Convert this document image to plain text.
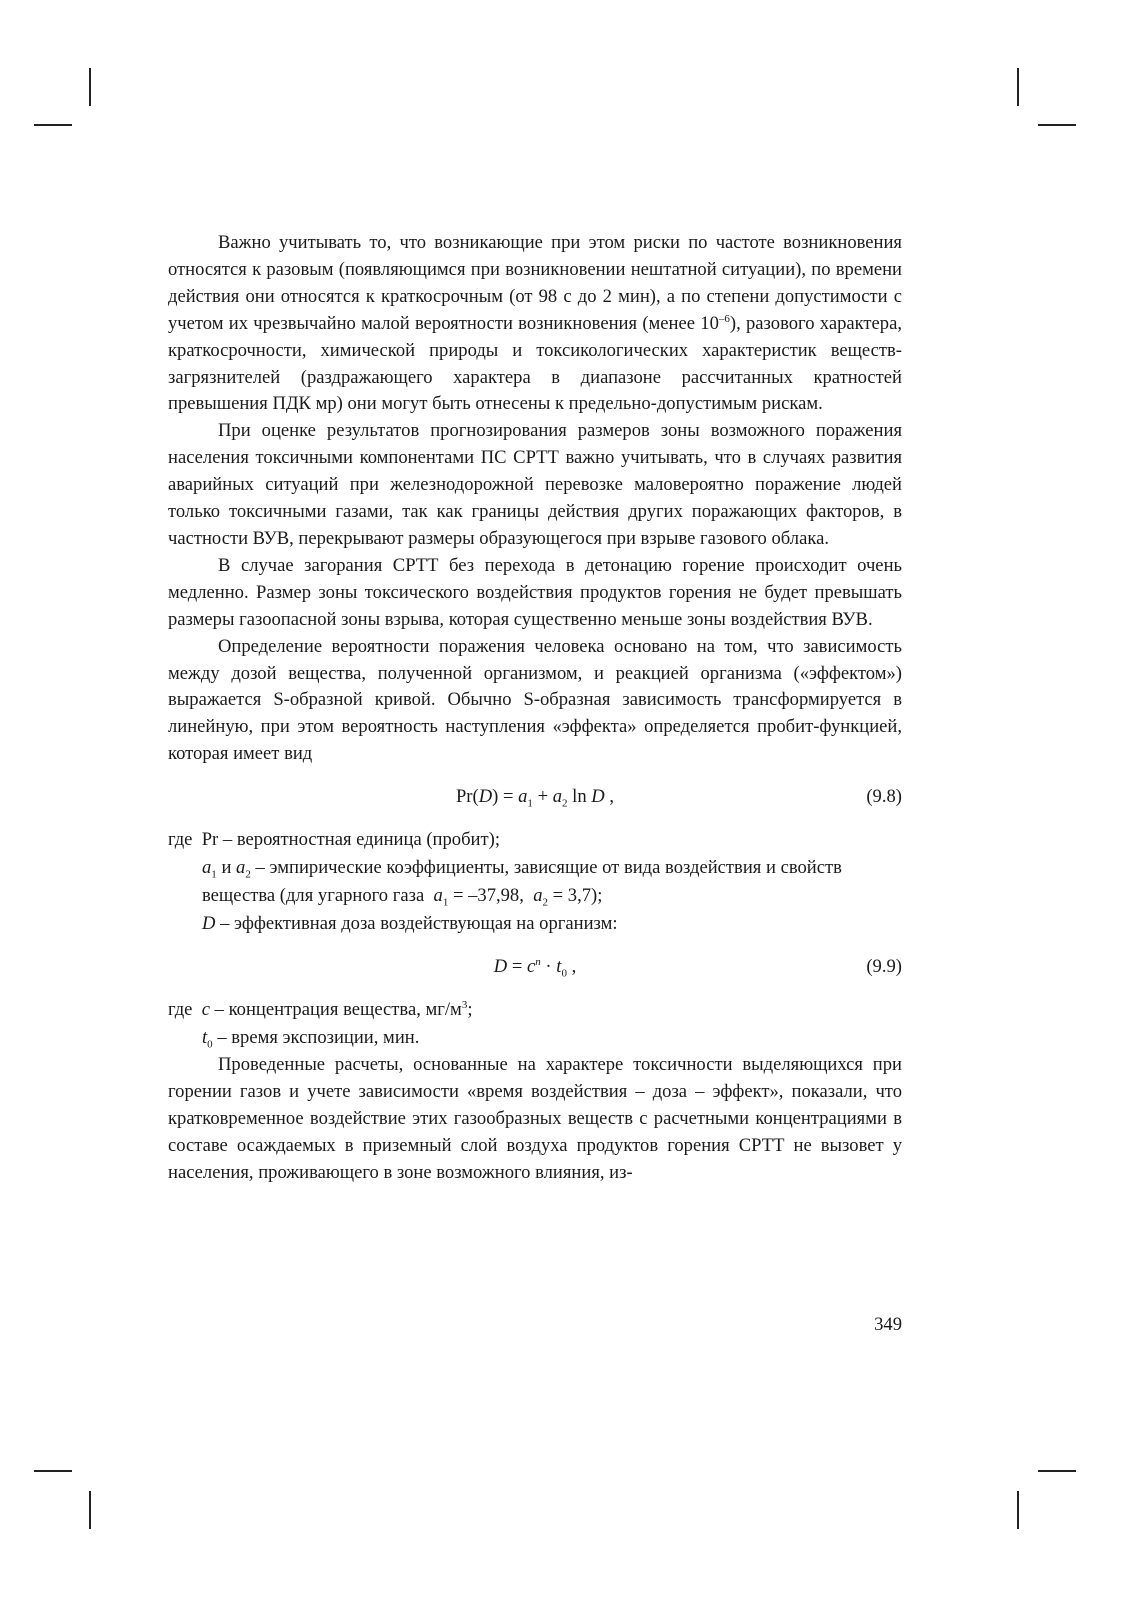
Важно учитывать то, что возникающие при этом риски по частоте возникновения относятся к разовым (появляющимся при возникновении нештатной ситуации), по времени действия они относятся к краткосрочным (от 98 с до 2 мин), а по степени допустимости с учетом их чрезвычайно малой вероятности возникновения (менее $10^{-6}$), разового характера, краткосрочности, химической природы и токсикологических характеристик веществ-загрязнителей (раздражающего характера в диапазоне рассчитанных кратностей превышения ПДК мр) они могут быть отнесены к предельно-допустимым рискам.

При оценке результатов прогнозирования размеров зоны возможного поражения населения токсичными компонентами ПС СРТТ важно учитывать, что в случаях развития аварийных ситуаций при железнодорожной перевозке маловероятно поражение людей только токсичными газами, так как границы действия других поражающих факторов, в частности ВУВ, перекрывают размеры образующегося при взрыве газового облака.

В случае загорания СРТТ без перехода в детонацию горение происходит очень медленно. Размер зоны токсического воздействия продуктов горения не будет превышать размеры газоопасной зоны взрыва, которая существенно меньше зоны воздействия ВУВ.

Определение вероятности поражения человека основано на том, что зависимость между дозой вещества, полученной организмом, и реакцией организма («эффектом») выражается S-образной кривой. Обычно S-образная зависимость трансформируется в линейную, при этом вероятность наступления «эффекта» определяется пробит-функцией, которая имеет вид

$Pr(D) = a_1 + a_2$ ln D ,	(9.8)

где Pr – вероятностная единица (пробит);

$a_1$ и $a_2$ – эмпирические коэффициенты, зависящие от вида воздействия и свойств

вещества (для угарного газа $a_1 = -37,98$, $a_2 = 3,7$);

D – эффективная доза воздействующая на организм:

$D = c^n \cdot t_0$ ,	(9.9)

где c – концентрация вещества, $мг/м^3$;

$t_0$ – время экспозиции, мин.

Проведенные расчеты, основанные на характере токсичности выделяющихся при горении газов и учете зависимости «время воздействия – доза – эффект», показали, что кратковременное воздействие этих газообразных веществ с расчетными концентрациями в составе осаждаемых в приземный слой воздуха продуктов горения СРТТ не вызовет у населения, проживающего в зоне возможного влияния, из-

349
